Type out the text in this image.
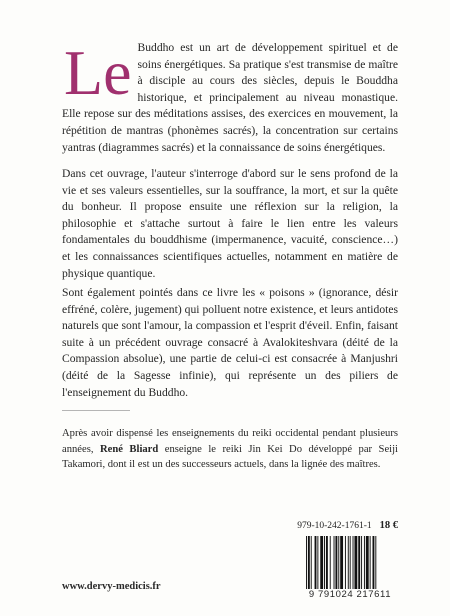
Le Buddho est un art de développement spirituel et de soins énergétiques. Sa pratique s'est transmise de maître à disciple au cours des siècles, depuis le Bouddha historique, et principalement au niveau monastique. Elle repose sur des méditations assises, des exercices en mouvement, la répétition de mantras (phonèmes sacrés), la concentration sur certains yantras (diagrammes sacrés) et la connaissance de soins énergétiques.

Dans cet ouvrage, l'auteur s'interroge d'abord sur le sens profond de la vie et ses valeurs essentielles, sur la souffrance, la mort, et sur la quête du bonheur. Il propose ensuite une réflexion sur la religion, la philosophie et s'attache surtout à faire le lien entre les valeurs fondamentales du bouddhisme (impermanence, vacuité, conscience…) et les connaissances scientifiques actuelles, notamment en matière de physique quantique.

Sont également pointés dans ce livre les « poisons » (ignorance, désir effréné, colère, jugement) qui polluent notre existence, et leurs antidotes naturels que sont l'amour, la compassion et l'esprit d'éveil. Enfin, faisant suite à un précédent ouvrage consacré à Avalokiteshvara (déité de la Compassion absolue), une partie de celui-ci est consacrée à Manjushri (déité de la Sagesse infinie), qui représente un des piliers de l'enseignement du Buddho.

Après avoir dispensé les enseignements du reiki occidental pendant plusieurs années, René Bliard enseigne le reiki Jin Kei Do développé par Seiji Takamori, dont il est un des successeurs actuels, dans la lignée des maîtres.

979-10-242-1761-1 18 €
www.dervy-medicis.fr
9 791024 217611
